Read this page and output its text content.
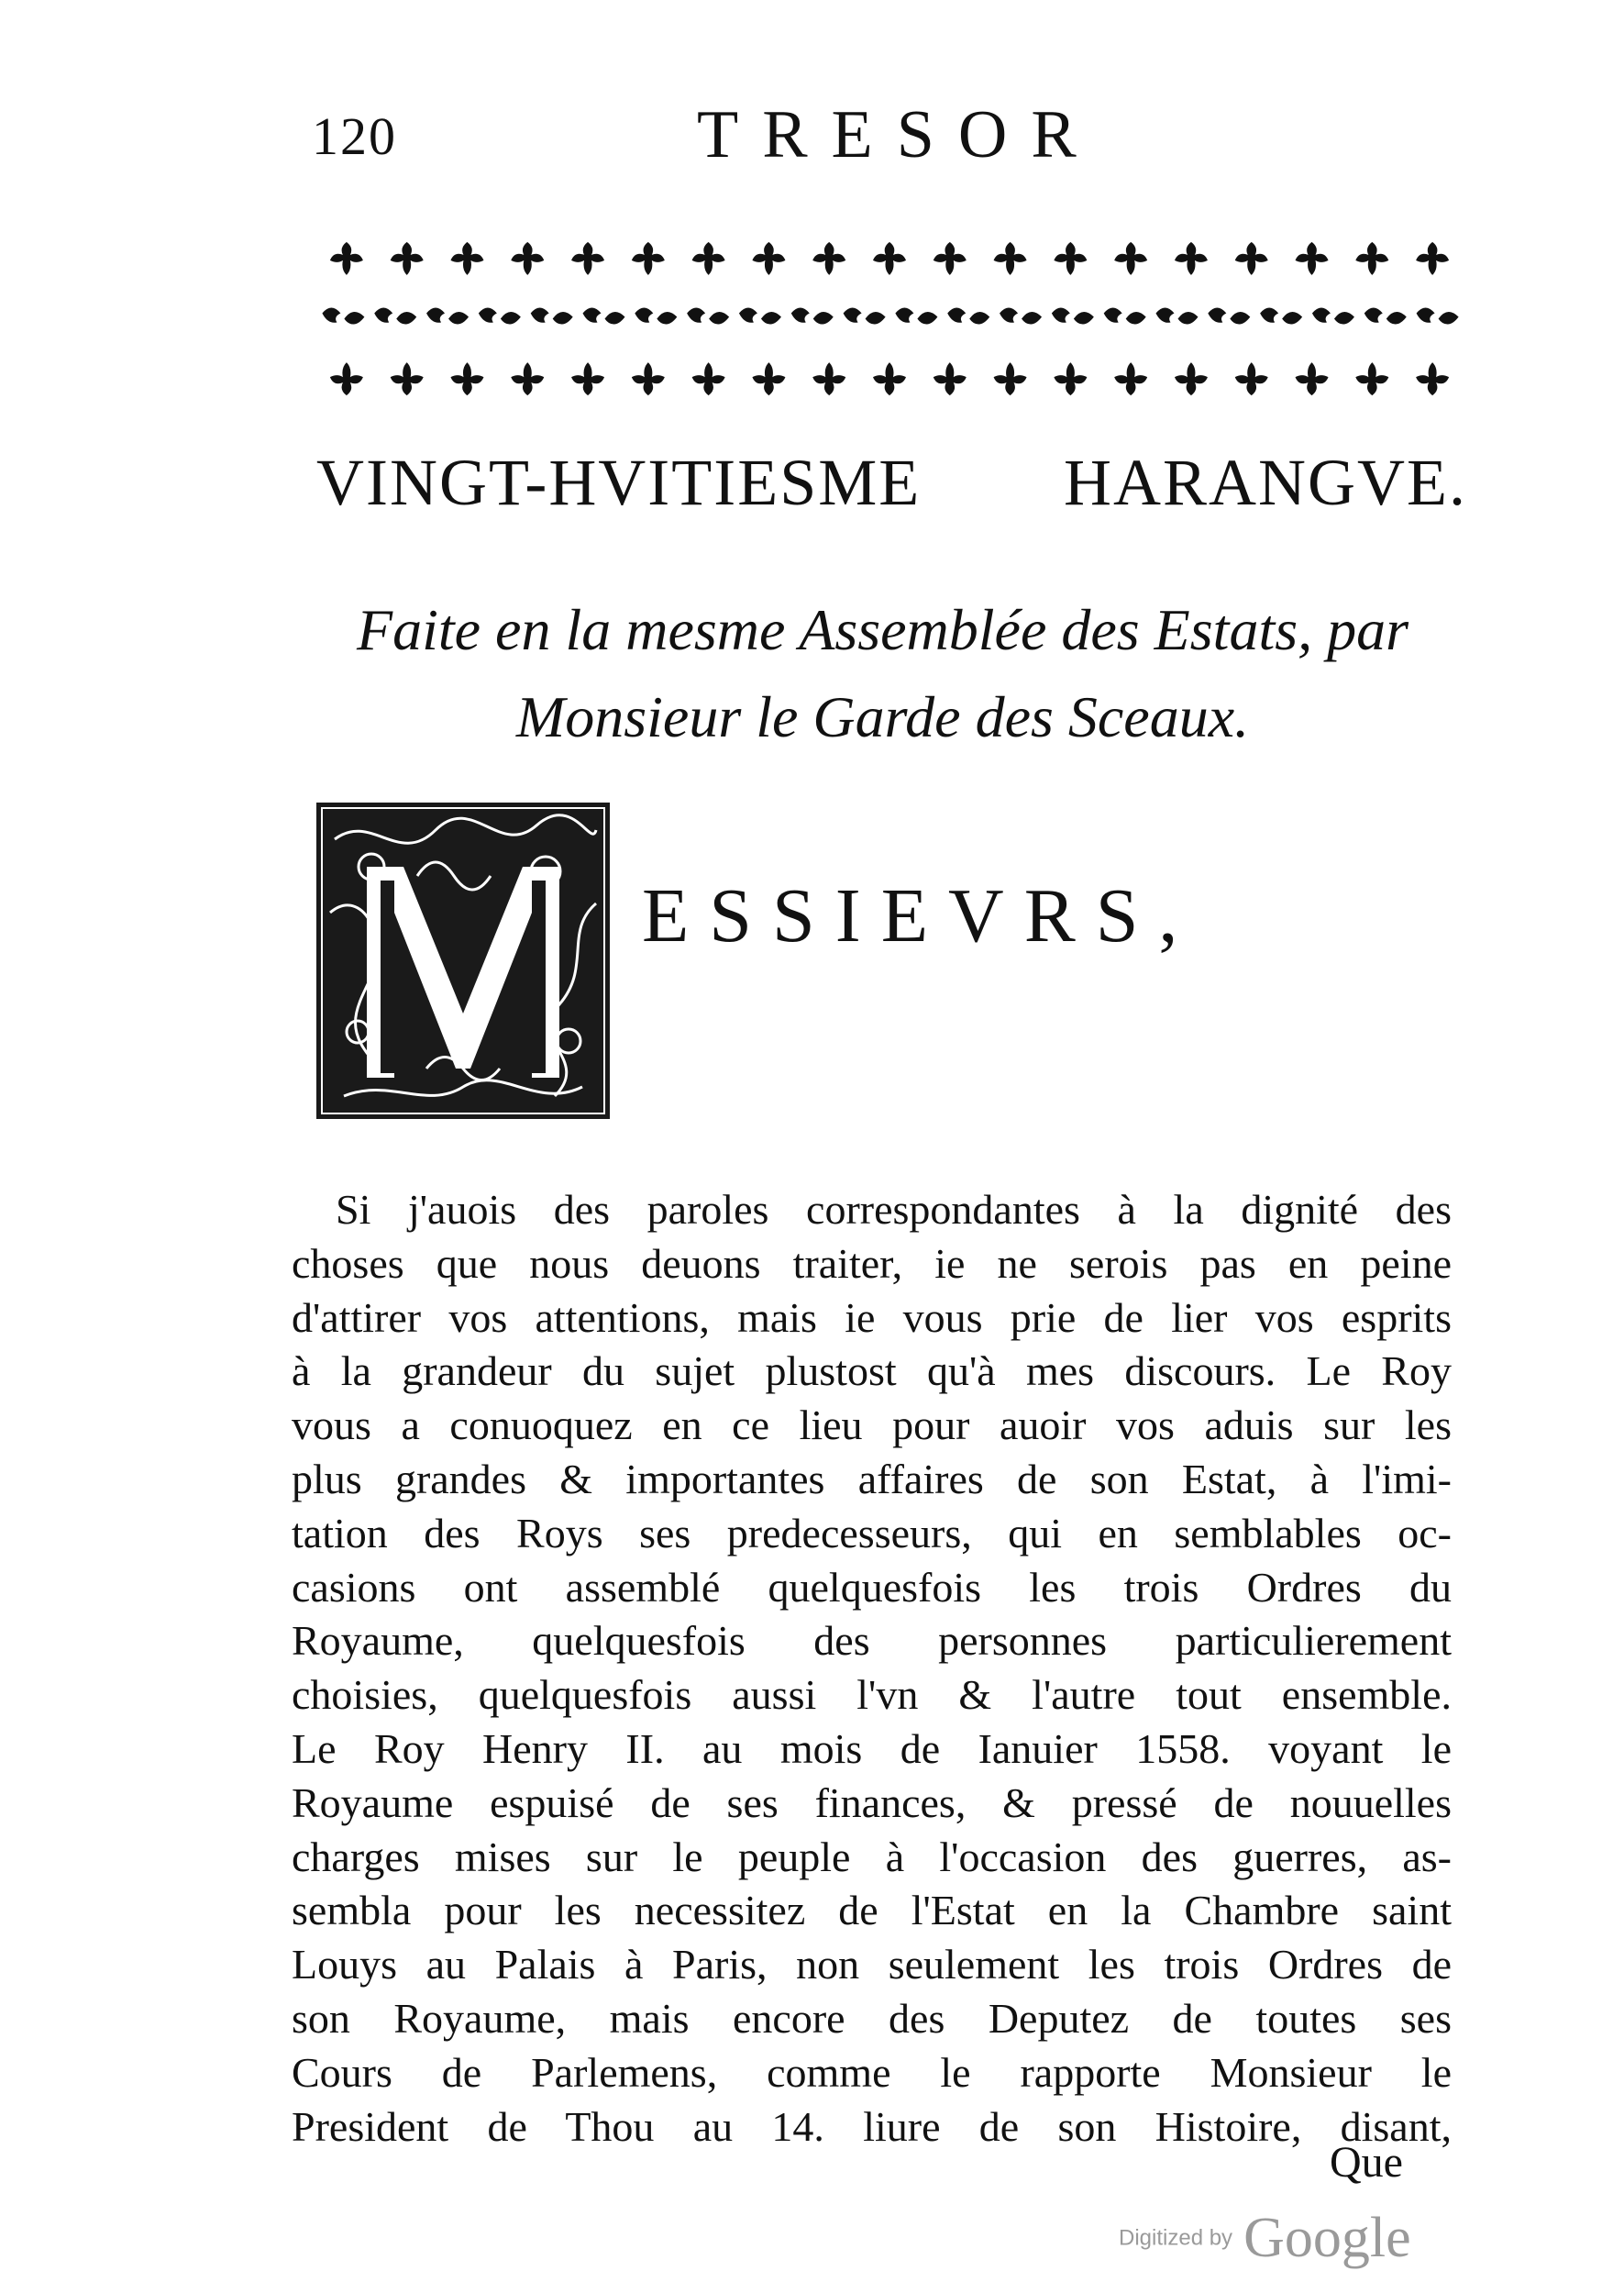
120	TRESOR
VINGT-HVITIESME HARANGVE.
Faite en la mesme Assemblée des Estats, par
Monsieur le Garde des Sceaux.
ESSIEVRS,
Si j'auois des paroles correspondantes à la dignité des
choses que nous deuons traiter, ie ne serois pas en peine
d'attirer vos attentions, mais ie vous prie de lier vos esprits
à la grandeur du sujet plustost qu'à mes discours. Le Roy
vous a conuoquez en ce lieu pour auoir vos aduis sur les
plus grandes & importantes affaires de son Estat, à l'imi-
tation des Roys ses predecesseurs, qui en semblables oc-
casions ont assemblé quelquesfois les trois Ordres du
Royaume, quelquesfois des personnes particulierement
choisies, quelquesfois aussi l'vn & l'autre tout ensemble.
Le Roy Henry II. au mois de Ianuier 1558. voyant le
Royaume espuisé de ses finances, & pressé de nouuelles
charges mises sur le peuple à l'occasion des guerres, as-
sembla pour les necessitez de l'Estat en la Chambre saint
Louys au Palais à Paris, non seulement les trois Ordres de
son Royaume, mais encore des Deputez de toutes ses
Cours de Parlemens, comme le rapporte Monsieur le
President de Thou au 14. liure de son Histoire, disant,
Que
Digitized by Google
